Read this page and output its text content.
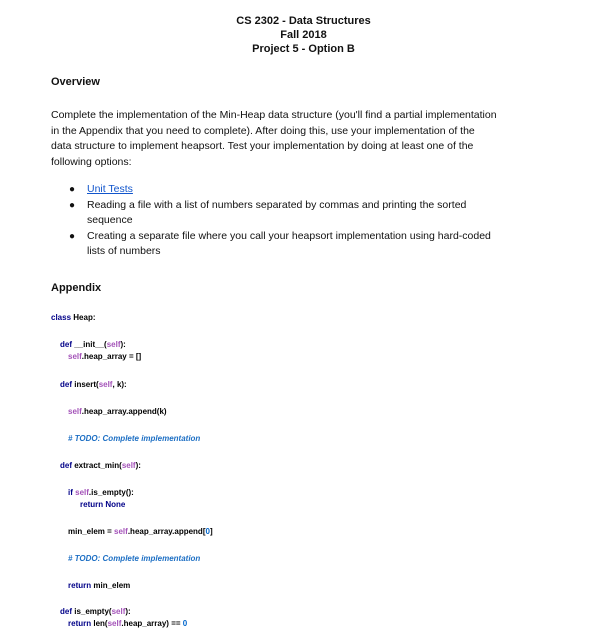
CS 2302 - Data Structures
Fall 2018
Project 5 - Option B
Overview
Complete the implementation of the Min-Heap data structure (you'll find a partial implementation
in the Appendix that you need to complete). After doing this, use your implementation of the
data structure to implement heapsort. Test your implementation by doing at least one of the
following options:
● Unit Tests
● Reading a file with a list of numbers separated by commas and printing the sorted
sequence
● Creating a separate file where you call your heapsort implementation using hard-coded
lists of numbers
Appendix
class Heap:
def __init__(self):
self.heap_array = []
def insert(self, k):
self.heap_array.append(k)
# TODO: Complete implementation
def extract_min(self):
if self.is_empty():
return None
min_elem = self.heap_array.append[0]
# TODO: Complete implementation
return min_elem
def is_empty(self):
return len(self.heap_array) == 0
